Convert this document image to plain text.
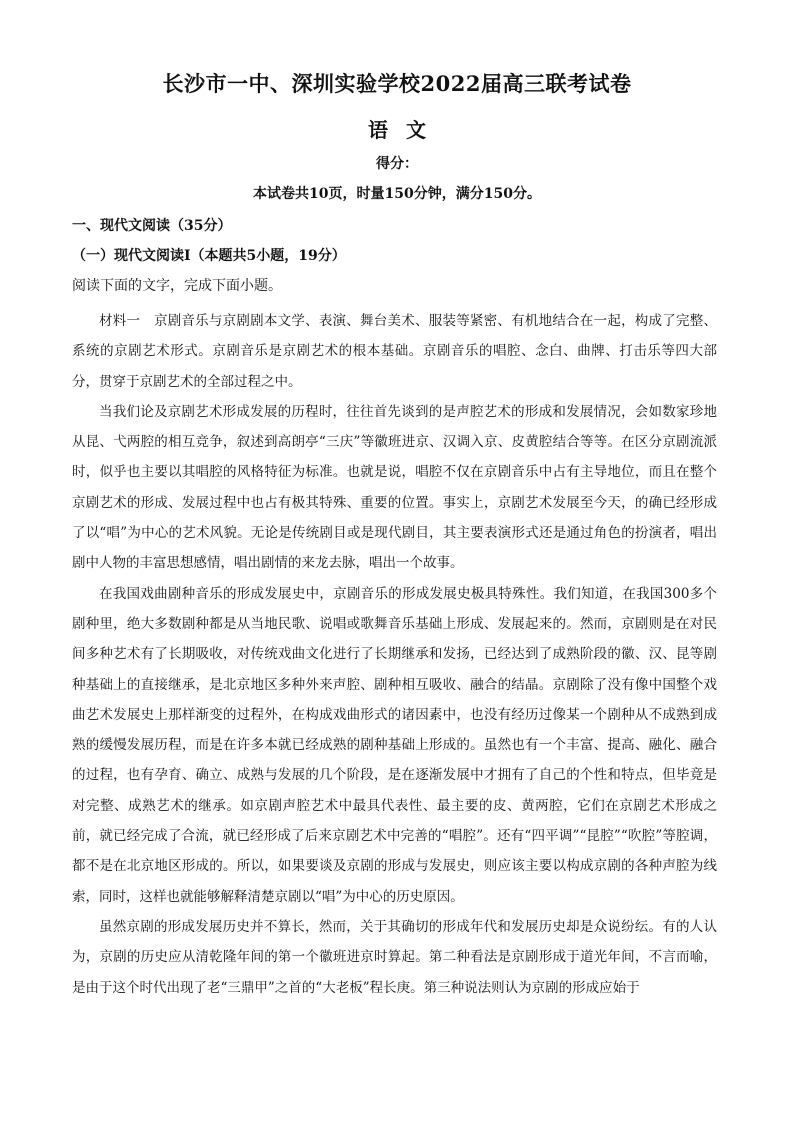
长沙市一中、深圳实验学校2022届高三联考试卷
语文
得分：
本试卷共10页，时量150分钟，满分150分。
一、现代文阅读（35分）
（一）现代文阅读Ⅰ（本题共5小题，19分）
阅读下面的文字，完成下面小题。

材料一　京剧音乐与京剧剧本文学、表演、舞台美术、服装等紧密、有机地结合在一起，构成了完整、系统的京剧艺术形式。京剧音乐是京剧艺术的根本基础。京剧音乐的唱腔、念白、曲牌、打击乐等四大部分，贯穿于京剧艺术的全部过程之中。

当我们论及京剧艺术形成发展的历程时，往往首先谈到的是声腔艺术的形成和发展情况，会如数家珍地从昆、弋两腔的相互竞争，叙述到高朗亭“三庆”等徽班进京、汉调入京、皮黄腔结合等等。在区分京剧流派时，似乎也主要以其唱腔的风格特征为标准。也就是说，唱腔不仅在京剧音乐中占有主导地位，而且在整个京剧艺术的形成、发展过程中也占有极其特殊、重要的位置。事实上，京剧艺术发展至今天，的确已经形成了以“唱”为中心的艺术风貌。无论是传统剧目或是现代剧目，其主要表演形式还是通过角色的扮演者，唱出剧中人物的丰富思想感情，唱出剧情的来龙去脉，唱出一个故事。

在我国戏曲剧种音乐的形成发展史中，京剧音乐的形成发展史极具特殊性。我们知道，在我国300多个剧种里，绝大多数剧种都是从当地民歌、说唱或歌舞音乐基础上形成、发展起来的。然而，京剧则是在对民间多种艺术有了长期吸收，对传统戏曲文化进行了长期继承和发扬，已经达到了成熟阶段的徽、汉、昆等剧种基础上的直接继承，是北京地区多种外来声腔、剧种相互吸收、融合的结晶。京剧除了没有像中国整个戏曲艺术发展史上那样渐变的过程外，在构成戏曲形式的诸因素中，也没有经历过像某一个剧种从不成熟到成熟的缓慢发展历程，而是在许多本就已经成熟的剧种基础上形成的。虽然也有一个丰富、提高、融化、融合的过程，也有孕育、确立、成熟与发展的几个阶段，是在逐渐发展中才拥有了自己的个性和特点，但毕竟是对完整、成熟艺术的继承。如京剧声腔艺术中最具代表性、最主要的皮、黄两腔，它们在京剧艺术形成之前，就已经完成了合流，就已经形成了后来京剧艺术中完善的“唱腔”。还有“四平调”“昆腔”“吹腔”等腔调，都不是在北京地区形成的。所以，如果要谈及京剧的形成与发展史，则应该主要以构成京剧的各种声腔为线索，同时，这样也就能够解释清楚京剧以“唱”为中心的历史原因。

虽然京剧的形成发展历史并不算长，然而，关于其确切的形成年代和发展历史却是众说纷纭。有的人认为，京剧的历史应从清乾隆年间的第一个徽班进京时算起。第二种看法是京剧形成于道光年间，不言而喻，是由于这个时代出现了老“三鼎甲”之首的“大老板”程长庚。第三种说法则认为京剧的形成应始于
